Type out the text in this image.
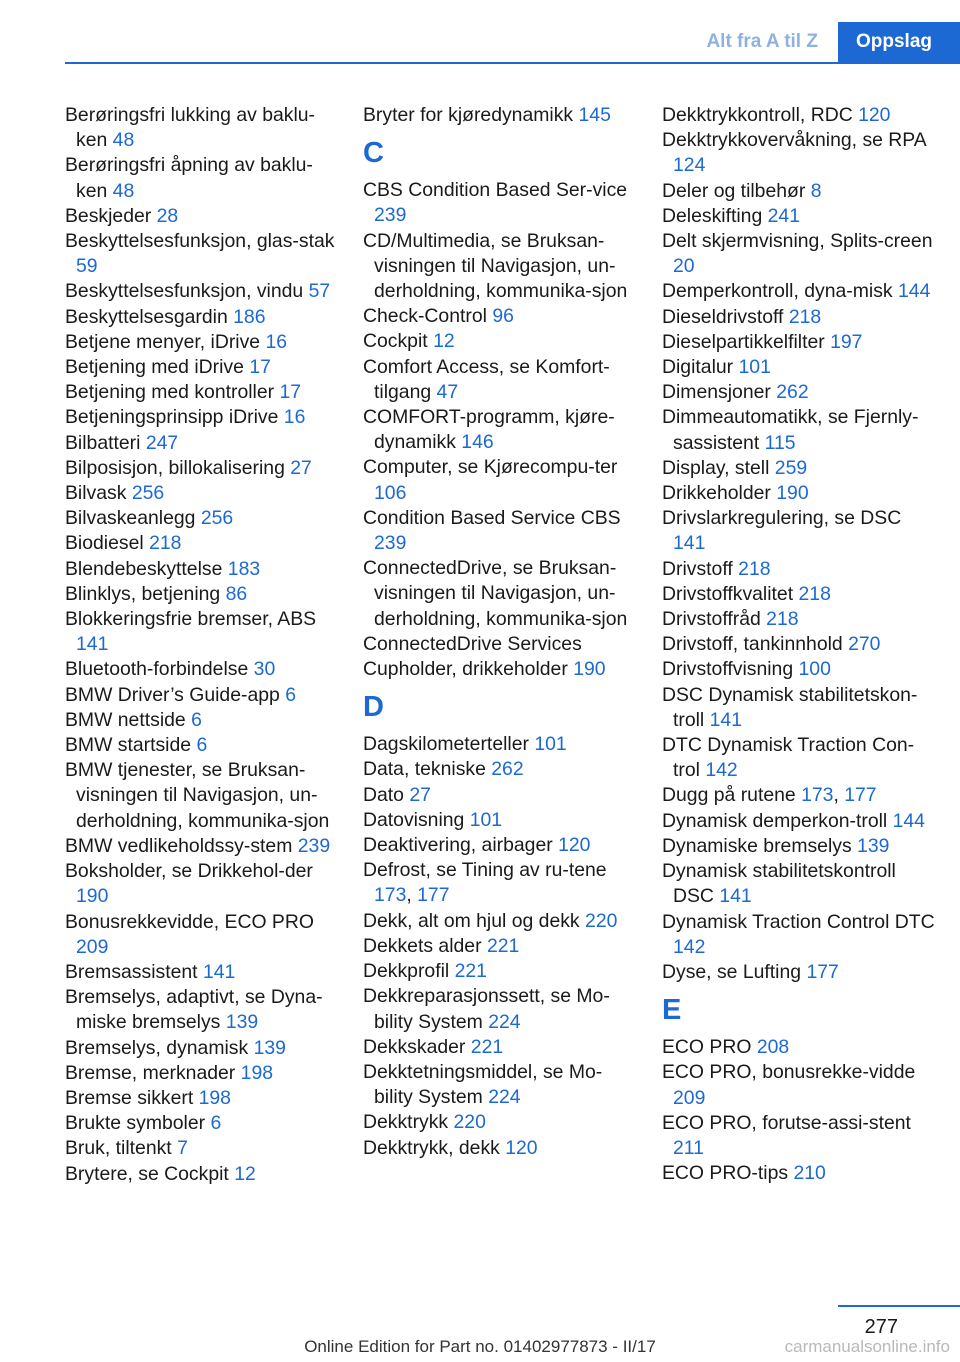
Alt fra A til Z	Oppslag
Berøringsfri lukking av baklu-ken 48
Berøringsfri åpning av baklu-ken 48
Beskjeder 28
Beskyttelsesfunksjon, glas-stak 59
Beskyttelsesfunksjon, vindu 57
Beskyttelsesgardin 186
Betjene menyer, iDrive 16
Betjening med iDrive 17
Betjening med kontroller 17
Betjeningsprinsipp iDrive 16
Bilbatteri 247
Bilposisjon, billokalisering 27
Bilvask 256
Bilvaskeanlegg 256
Biodiesel 218
Blendebeskyttelse 183
Blinklys, betjening 86
Blokkeringsfrie bremser, ABS 141
Bluetooth-forbindelse 30
BMW Driver’s Guide-app 6
BMW nettside 6
BMW startside 6
BMW tjenester, se Bruksan-visningen til Navigasjon, un-derholdning, kommunika-sjon
BMW vedlikeholdssy-stem 239
Boksholder, se Drikkehol-der 190
Bonusrekkevidde, ECO PRO 209
Bremsassistent 141
Bremselys, adaptivt, se Dyna-miske bremselys 139
Bremselys, dynamisk 139
Bremse, merknader 198
Bremse sikkert 198
Brukte symboler 6
Bruk, tiltenkt 7
Brytere, se Cockpit 12
Bryter for kjøredynamikk 145
C
CBS Condition Based Ser-vice 239
CD/Multimedia, se Bruksan-visningen til Navigasjon, un-derholdning, kommunika-sjon
Check-Control 96
Cockpit 12
Comfort Access, se Komfort-tilgang 47
COMFORT-programm, kjøre-dynamikk 146
Computer, se Kjørecompu-ter 106
Condition Based Service CBS 239
ConnectedDrive, se Bruksan-visningen til Navigasjon, un-derholdning, kommunika-sjon
ConnectedDrive Services
Cupholder, drikkeholder 190
D
Dagskilometerteller 101
Data, tekniske 262
Dato 27
Datovisning 101
Deaktivering, airbager 120
Defrost, se Tining av ru-tene 173, 177
Dekk, alt om hjul og dekk 220
Dekkets alder 221
Dekkprofil 221
Dekkreparasjonssett, se Mo-bility System 224
Dekkskader 221
Dekktetningsmiddel, se Mo-bility System 224
Dekktrykk 220
Dekktrykk, dekk 120
Dekktrykkontroll, RDC 120
Dekktrykkovervåkning, se RPA 124
Deler og tilbehør 8
Deleskifting 241
Delt skjermvisning, Splits-creen 20
Demperkontroll, dyna-misk 144
Dieseldrivstoff 218
Dieselpartikkelfilter 197
Digitalur 101
Dimensjoner 262
Dimmeautomatikk, se Fjernly-sassistent 115
Display, stell 259
Drikkeholder 190
Drivslarkregulering, se DSC 141
Drivstoff 218
Drivstoffkvalitet 218
Drivstoffråd 218
Drivstoff, tankinnhold 270
Drivstoffvisning 100
DSC Dynamisk stabilitetskon-troll 141
DTC Dynamisk Traction Con-trol 142
Dugg på rutene 173, 177
Dynamisk demperkon-troll 144
Dynamiske bremselys 139
Dynamisk stabilitetskontroll DSC 141
Dynamisk Traction Control DTC 142
Dyse, se Lufting 177
E
ECO PRO 208
ECO PRO, bonusrekke-vidde 209
ECO PRO, forutse-assi-stent 211
ECO PRO-tips 210
277
Online Edition for Part no. 01402977873 - II/17	carmanualsonline.info
